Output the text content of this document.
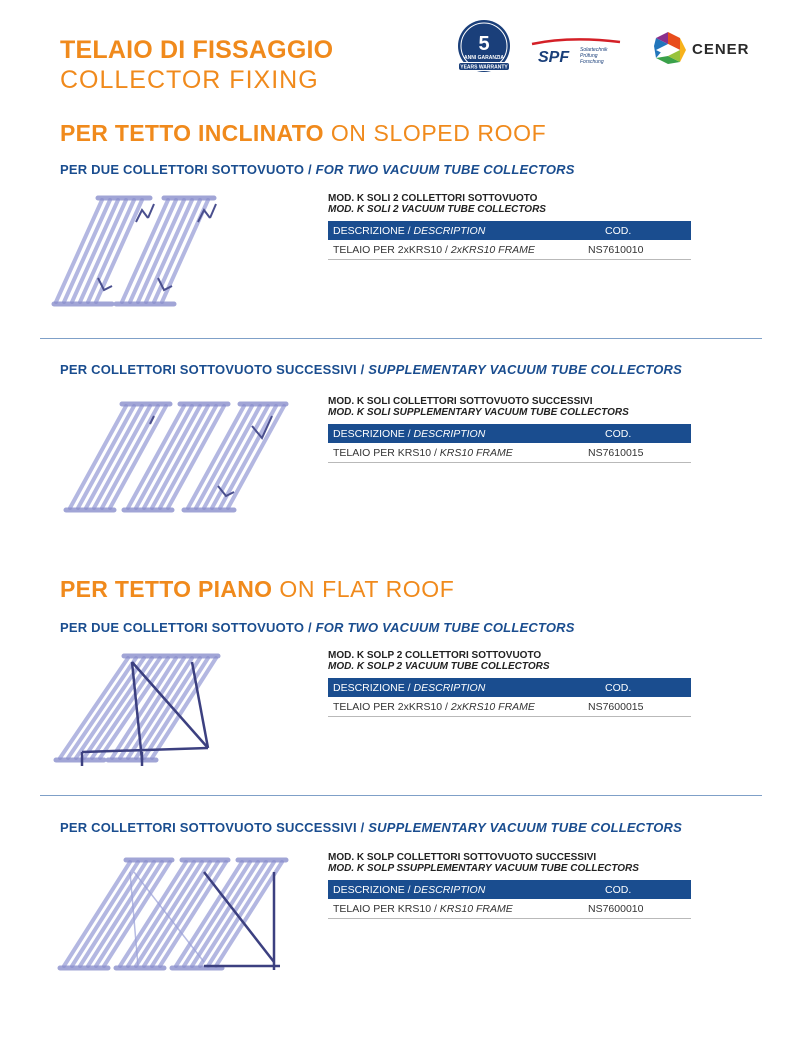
TELAIO DI FISSAGGIO
COLLECTOR FIXING
5
ANNI GARANZIA
YEARS WARRANTY
SPF Solartechnik
Prüfung
Forschung
CENER
PER TETTO INCLINATO ON SLOPED ROOF
PER DUE COLLETTORI SOTTOVUOTO / FOR TWO VACUUM TUBE COLLECTORS
MOD. K SOLI 2 COLLETTORI SOTTOVUOTO
MOD. K SOLI 2 VACUUM TUBE COLLECTORS
DESCRIZIONE / DESCRIPTION	COD.
TELAIO PER 2xKRS10 / 2xKRS10 FRAME	NS7610010
PER COLLETTORI SOTTOVUOTO SUCCESSIVI / SUPPLEMENTARY VACUUM TUBE COLLECTORS
MOD. K SOLI COLLETTORI SOTTOVUOTO SUCCESSIVI
MOD. K SOLI SUPPLEMENTARY VACUUM TUBE COLLECTORS
DESCRIZIONE / DESCRIPTION	COD.
TELAIO PER KRS10 / KRS10 FRAME	NS7610015
PER TETTO PIANO ON FLAT ROOF
PER DUE COLLETTORI SOTTOVUOTO / FOR TWO VACUUM TUBE COLLECTORS
MOD. K SOLP 2 COLLETTORI SOTTOVUOTO
MOD. K SOLP 2 VACUUM TUBE COLLECTORS
DESCRIZIONE / DESCRIPTION	COD.
TELAIO PER 2xKRS10 / 2xKRS10 FRAME	NS7600015
PER COLLETTORI SOTTOVUOTO SUCCESSIVI / SUPPLEMENTARY VACUUM TUBE COLLECTORS
MOD. K SOLP COLLETTORI SOTTOVUOTO SUCCESSIVI
MOD. K SOLP SSUPPLEMENTARY VACUUM TUBE COLLECTORS
DESCRIZIONE / DESCRIPTION	COD.
TELAIO PER KRS10 / KRS10 FRAME	NS7600010
